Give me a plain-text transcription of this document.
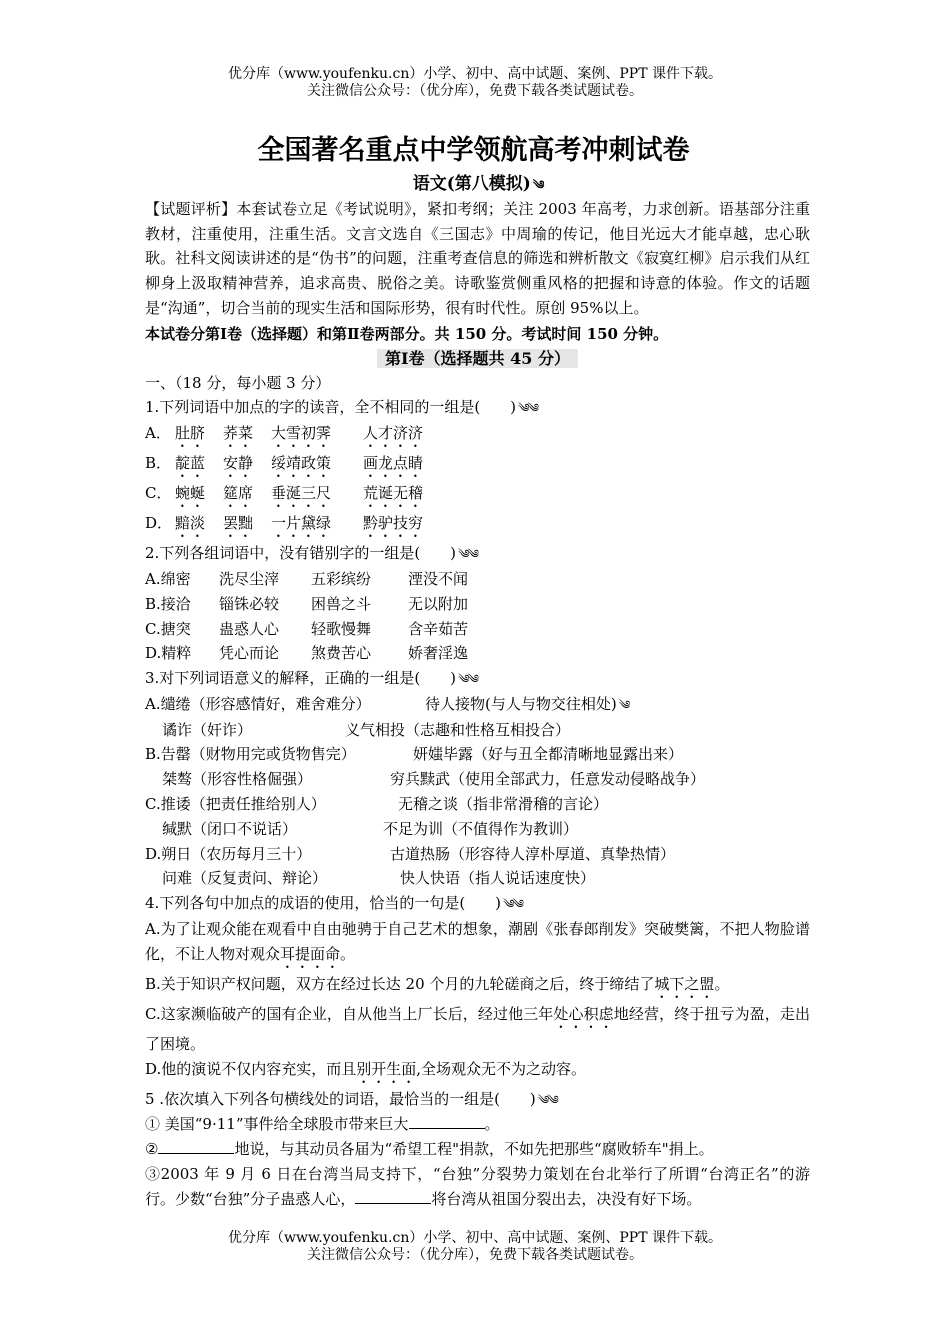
优分库（www.youfenku.cn）小学、初中、高中试题、案例、PPT 课件下载。
关注微信公众号：（优分库），免费下载各类试题试卷。
全国著名重点中学领航高考冲刺试卷
语文(第八模拟) ༄
【试题评析】本套试卷立足《考试说明》，紧扣考纲；关注 2003 年高考，力求创新。语基部分注重教材，注重使用，注重生活。文言文选自《三国志》中周瑜的传记，他目光远大才能卓越，忠心耿耿。社科文阅读讲述的是“伪书”的问题，注重考查信息的筛选和辨析散文《寂寞红柳》启示我们从红柳身上汲取精神营养，追求高贵、脱俗之美。诗歌鉴赏侧重风格的把握和诗意的体验。作文的话题是“沟通”，切合当前的现实生活和国际形势，很有时代性。原创 95%以上。
本试卷分第Ⅰ卷（选择题）和第Ⅱ卷两部分。共 150 分。考试时间 150 分钟。
第Ⅰ卷（选择题共 45 分）
一、（18 分，每小题 3 分）
1.下列词语中加点的字的读音，全不相同的一组是(　　) ༄༄
A． 肚脐 荞菜 大雪初霁 人才济济
B． 靛蓝 安静 绥靖政策 画龙点睛
C． 蜿蜒 筵席 垂涎三尺 荒诞无稽
D． 黯淡 罢黜 一片黛绿 黔驴技穷
2.下列各组词语中，没有错别字的一组是(　　) ༄༄
A.绵密 洗尽尘滓 五彩缤纷 湮没不闻
B.接洽 锱铢必较 困兽之斗 无以附加
C.搪突 蛊惑人心 轻歌慢舞 含辛茹苦
D.精粹 凭心而论 煞费苦心 娇奢淫逸
3.对下列词语意义的解释，正确的一组是(　　) ༄༄
A.缱绻（形容感情好，难舍难分）	待人接物(与人与物交往相处) ༄
谲诈（奸诈）	义气相投（志趣和性格互相投合）
B.告罄（财物用完或货物售完）	妍媸毕露（好与丑全都清晰地显露出来）
桀骜（形容性格倔强）	穷兵黩武（使用全部武力，任意发动侵略战争）
C.推诿（把责任推给别人）	无稽之谈（指非常滑稽的言论）
缄默（闭口不说话）	不足为训（不值得作为教训）
D.朔日（农历每月三十）	古道热肠（形容待人淳朴厚道、真挚热情）
问难（反复责问、辩论）	快人快语（指人说话速度快）
4.下列各句中加点的成语的使用，恰当的一句是(　　) ༄༄
A.为了让观众能在观看中自由驰骋于自己艺术的想象，潮剧《张春郎削发》突破樊篱，不把人物脸谱化，不让人物对观众耳提面命。
B.关于知识产权问题，双方在经过长达 20 个月的九轮磋商之后，终于缔结了城下之盟。
C.这家濒临破产的国有企业，自从他当上厂长后，经过他三年处心积虑地经营，终于扭亏为盈，走出了困境。
D.他的演说不仅内容充实，而且别开生面,全场观众无不为之动容。
5 .依次填入下列各句横线处的词语，最恰当的一组是(　　) ༄༄
① 美国“9·11”事件给全球股市带来巨大	。
②	地说，与其动员各届为“希望工程"捐款，不如先把那些“腐败轿车"捐上。
③2003 年 9 月 6 日在台湾当局支持下，“台独”分裂势力策划在台北举行了所谓“台湾正名”的游行。少数“台独”分子蛊惑人心，	将台湾从祖国分裂出去，决没有好下场。
优分库（www.youfenku.cn）小学、初中、高中试题、案例、PPT 课件下载。
关注微信公众号：（优分库），免费下载各类试题试卷。
